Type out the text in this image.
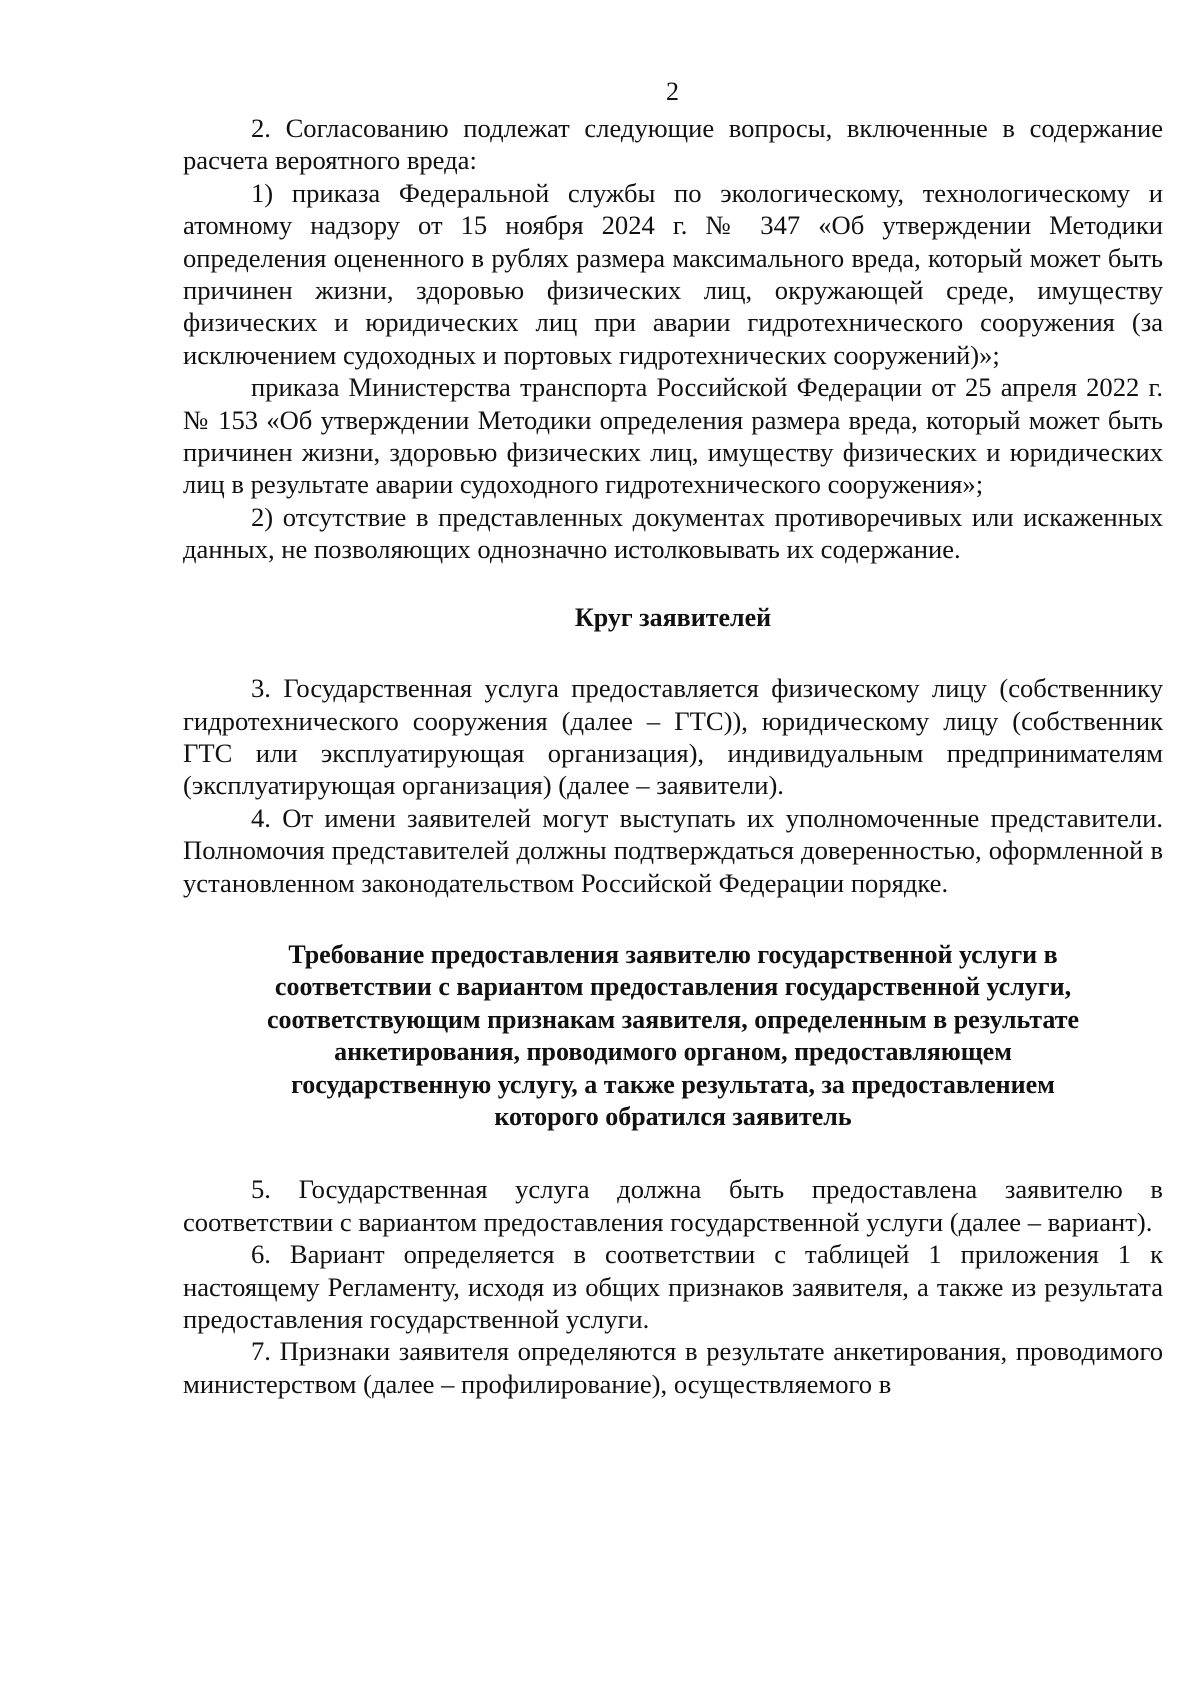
2

2. Согласованию подлежат следующие вопросы, включенные в содержание расчета вероятного вреда:

1) приказа Федеральной службы по экологическому, технологическому и атомному надзору от 15 ноября 2024 г. № 347 «Об утверждении Методики определения оцененного в рублях размера максимального вреда, который может быть причинен жизни, здоровью физических лиц, окружающей среде, имуществу физических и юридических лиц при аварии гидротехнического сооружения (за исключением судоходных и портовых гидротехнических сооружений)»;

приказа Министерства транспорта Российской Федерации от 25 апреля 2022 г. № 153 «Об утверждении Методики определения размера вреда, который может быть причинен жизни, здоровью физических лиц, имуществу физических и юридических лиц в результате аварии судоходного гидротехнического сооружения»;

2) отсутствие в представленных документах противоречивых или искаженных данных, не позволяющих однозначно истолковывать их содержание.

Круг заявителей

3. Государственная услуга предоставляется физическому лицу (собственнику гидротехнического сооружения (далее – ГТС)), юридическому лицу (собственник ГТС или эксплуатирующая организация), индивидуальным предпринимателям (эксплуатирующая организация) (далее – заявители).

4. От имени заявителей могут выступать их уполномоченные представители. Полномочия представителей должны подтверждаться доверенностью, оформленной в установленном законодательством Российской Федерации порядке.

Требование предоставления заявителю государственной услуги в соответствии с вариантом предоставления государственной услуги, соответствующим признакам заявителя, определенным в результате анкетирования, проводимого органом, предоставляющем государственную услугу, а также результата, за предоставлением которого обратился заявитель

5. Государственная услуга должна быть предоставлена заявителю в соответствии с вариантом предоставления государственной услуги (далее – вариант).

6. Вариант определяется в соответствии с таблицей 1 приложения 1 к настоящему Регламенту, исходя из общих признаков заявителя, а также из результата предоставления государственной услуги.

7. Признаки заявителя определяются в результате анкетирования, проводимого министерством (далее – профилирование), осуществляемого в
